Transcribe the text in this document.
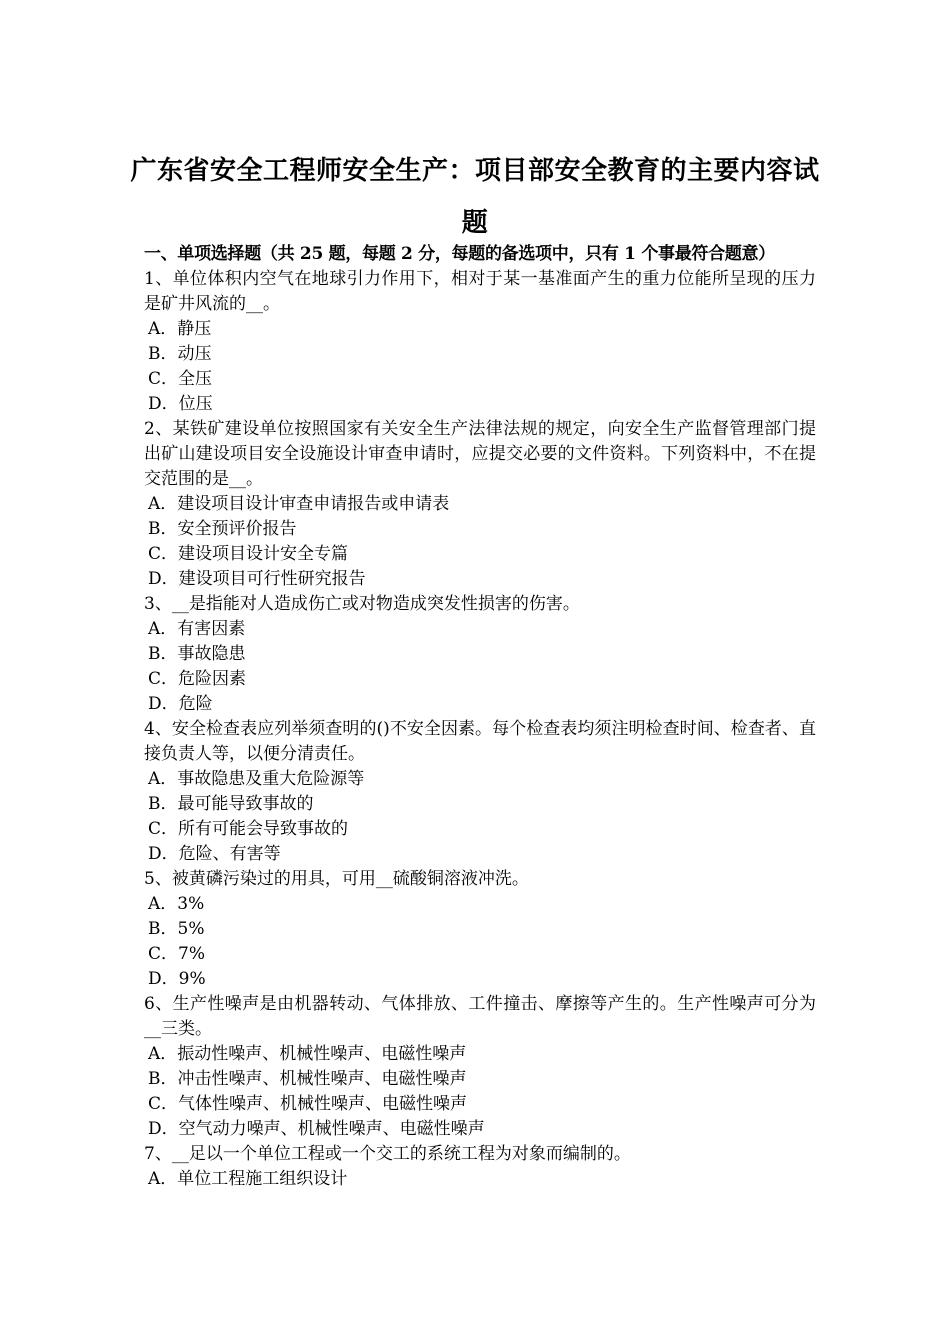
广东省安全工程师安全生产：项目部安全教育的主要内容试题
一、单项选择题（共 25 题，每题 2 分，每题的备选项中，只有 1 个事最符合题意）

1、单位体积内空气在地球引力作用下，相对于某一基准面产生的重力位能所呈现的压力是矿井风流的__。

A．静压
B．动压
C．全压
D．位压

2、某铁矿建设单位按照国家有关安全生产法律法规的规定，向安全生产监督管理部门提出矿山建设项目安全设施设计审查申请时，应提交必要的文件资料。下列资料中，不在提交范围的是__。

A．建设项目设计审查申请报告或申请表
B．安全预评价报告
C．建设项目设计安全专篇
D．建设项目可行性研究报告

3、__是指能对人造成伤亡或对物造成突发性损害的伤害。

A．有害因素
B．事故隐患
C．危险因素
D．危险

4、安全检查表应列举须查明的()不安全因素。每个检查表均须注明检查时间、检查者、直接负责人等，以便分清责任。

A．事故隐患及重大危险源等
B．最可能导致事故的
C．所有可能会导致事故的
D．危险、有害等

5、被黄磷污染过的用具，可用__硫酸铜溶液冲洗。

A．3%
B．5%
C．7%
D．9%

6、生产性噪声是由机器转动、气体排放、工件撞击、摩擦等产生的。生产性噪声可分为__三类。

A．振动性噪声、机械性噪声、电磁性噪声
B．冲击性噪声、机械性噪声、电磁性噪声
C．气体性噪声、机械性噪声、电磁性噪声
D．空气动力噪声、机械性噪声、电磁性噪声

7、__足以一个单位工程或一个交工的系统工程为对象而编制的。

A．单位工程施工组织设计
